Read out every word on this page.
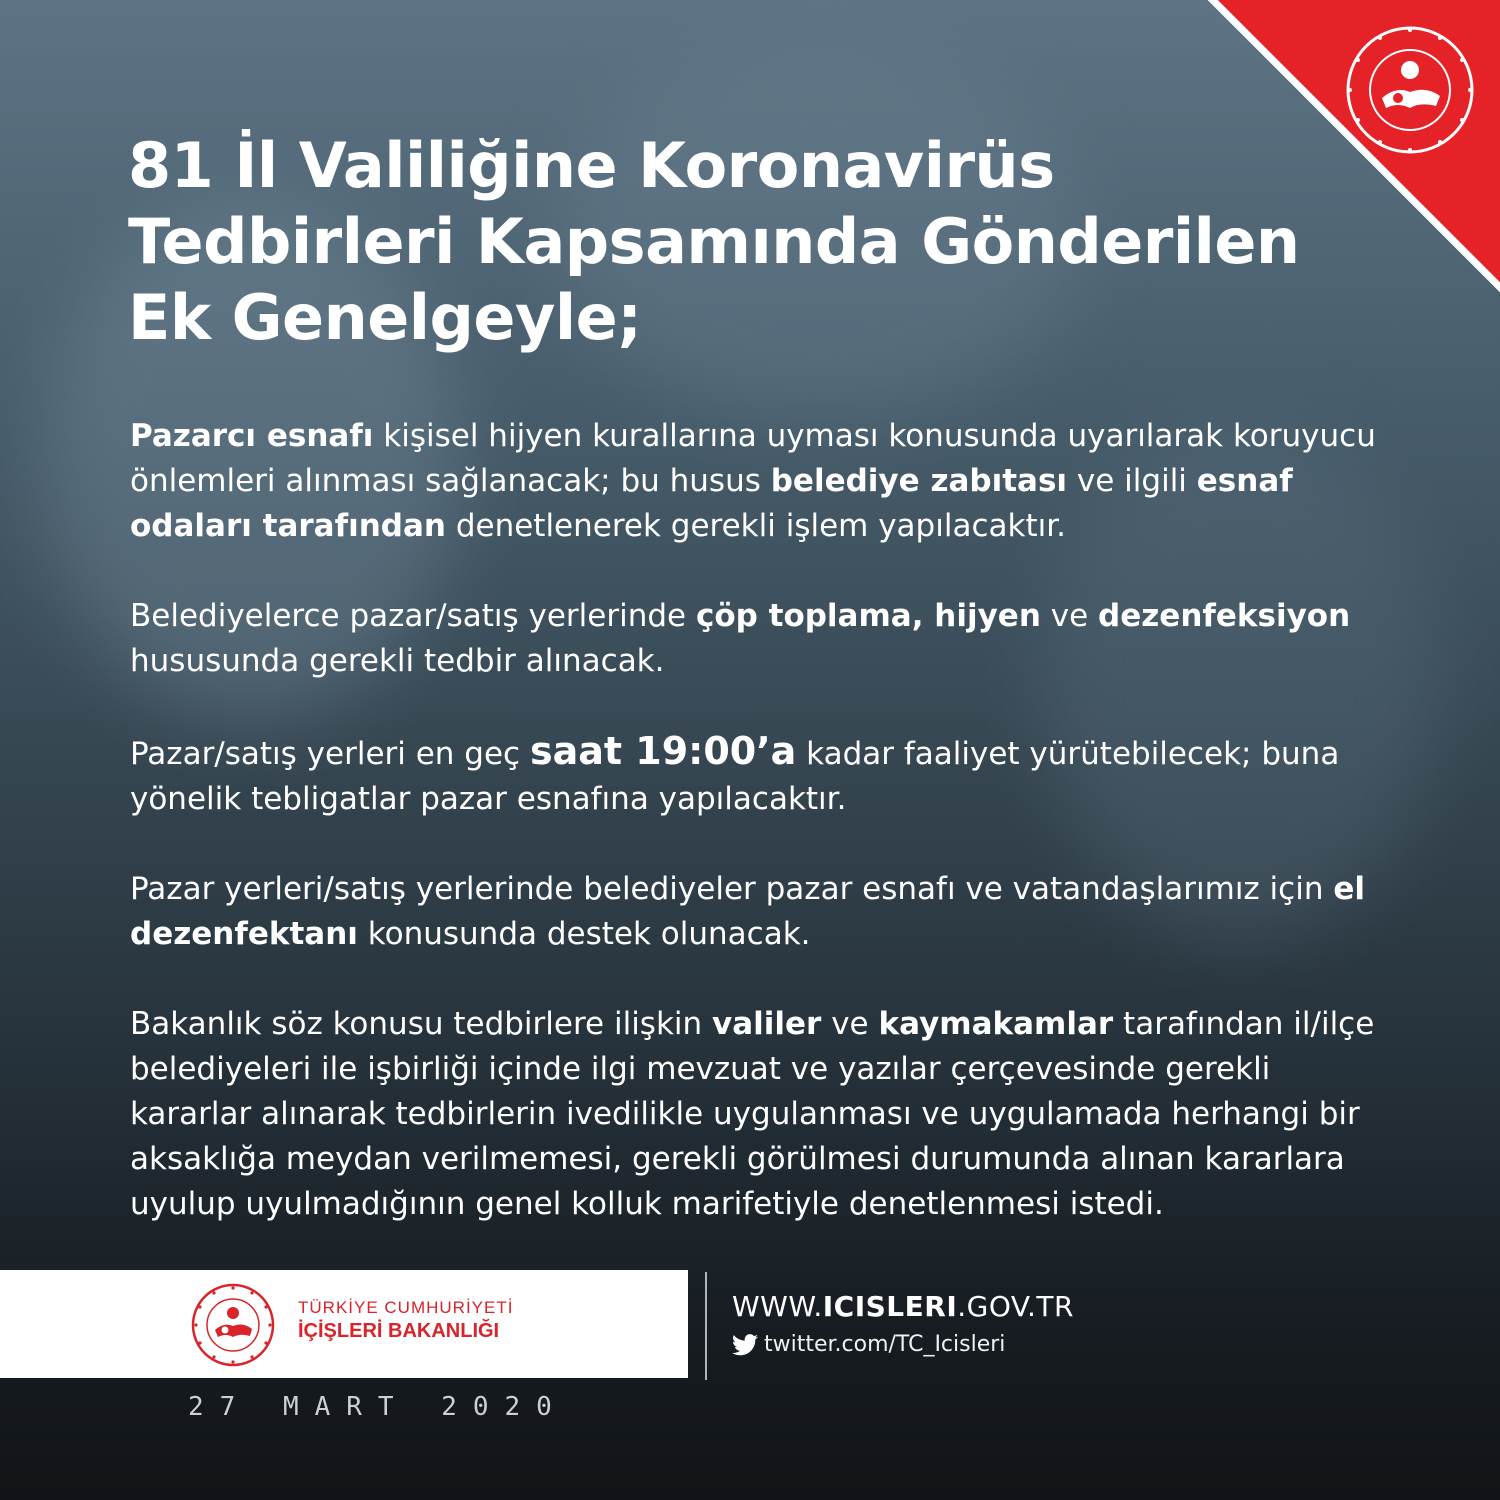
81 İl Valiliğine Koronavirüs
Tedbirleri Kapsamında Gönderilen
Ek Genelgeyle;

Pazarcı esnafı kişisel hijyen kurallarına uyması konusunda uyarılarak koruyucu önlemleri alınması sağlanacak; bu husus belediye zabıtası ve ilgili esnaf odaları tarafından denetlenerek gerekli işlem yapılacaktır.

Belediyelerce pazar/satış yerlerinde çöp toplama, hijyen ve dezenfeksiyon hususunda gerekli tedbir alınacak.

Pazar/satış yerleri en geç saat 19:00’a kadar faaliyet yürütebilecek; buna yönelik tebligatlar pazar esnafına yapılacaktır.

Pazar yerleri/satış yerlerinde belediyeler pazar esnafı ve vatandaşlarımız için el dezenfektanı konusunda destek olunacak.

Bakanlık söz konusu tedbirlere ilişkin valiler ve kaymakamlar tarafından il/ilçe belediyeleri ile işbirliği içinde ilgi mevzuat ve yazılar çerçevesinde gerekli kararlar alınarak tedbirlerin ivedilikle uygulanması ve uygulamada herhangi bir aksaklığa meydan verilmemesi, gerekli görülmesi durumunda alınan kararlara uyulup uyulmadığının genel kolluk marifetiyle denetlenmesi istedi.

TÜRKİYE CUMHURİYETİ
İÇİŞLERİ BAKANLIĞI
WWW.ICISLERI.GOV.TR
twitter.com/TC_Icisleri
27 MART 2020
